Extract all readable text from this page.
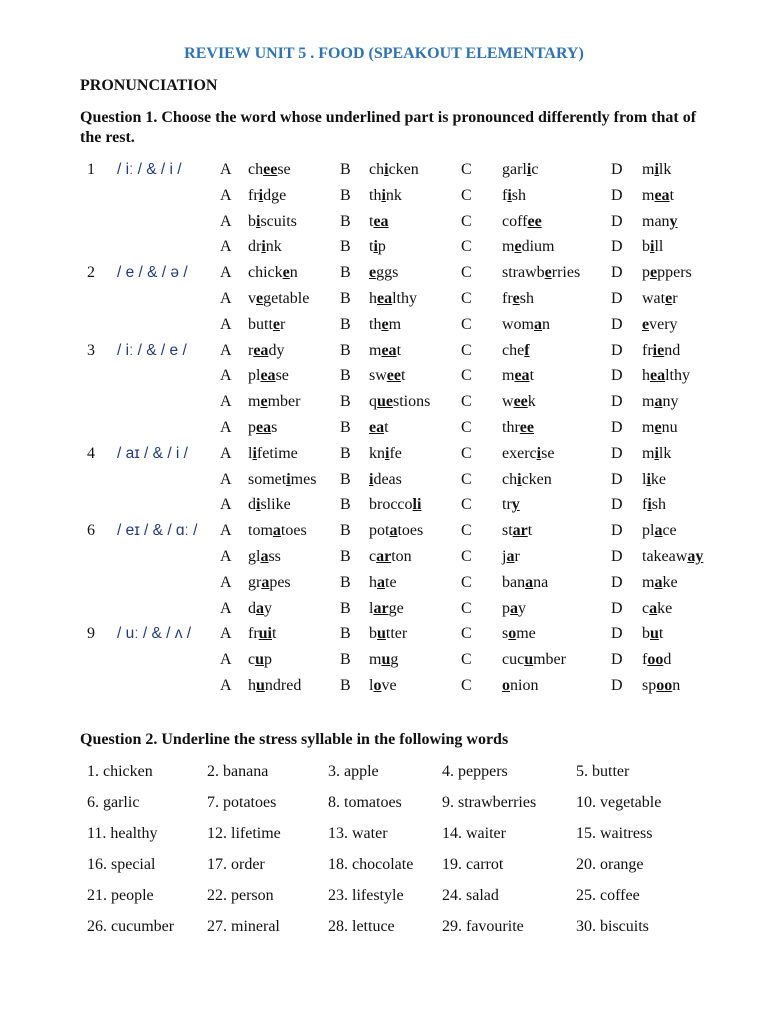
REVIEW UNIT 5 . FOOD (SPEAKOUT ELEMENTARY)
PRONUNCIATION
Question 1. Choose the word whose underlined part is pronounced differently from that of the rest.
1 / iː / & / i / A cheese	B chicken	C garlic	D milk
A fridge	B think	C fish	D meat
A biscuits	B tea	C coffee	D many
A drink	B tip	C medium	D bill
2 / e / & / ə / A chicken	B eggs	C strawberries D peppers
A vegetable B healthy	C fresh	D water
A butter	B them	C woman	D every
3 / iː / & / e / A ready	B meat	C chef	D friend
A please	B sweet	C meat	D healthy
A member B questions C week	D many
A peas	B eat	C three	D menu
4 / aɪ / & / i / A lifetime	B knife	C exercise	D milk
A sometimes B ideas	C chicken	D like
A dislike	B broccoli C try	D fish
6 / eɪ / & / ɑː / A tomatoes B potatoes C start	D place
A glass	B carton	C jar	D takeaway
A grapes	B hate	C banana	D make
A day	B large	C pay	D cake
9 / uː / & / ʌ / A fruit	B butter	C some	D but
A cup	B mug	C cucumber	D food
A hundred B love	C onion	D spoon
Question 2. Underline the stress syllable in the following words
1. chicken	2. banana	3. apple	4. peppers	5. butter
6. garlic	7. potatoes	8. tomatoes	9. strawberries 10. vegetable
11. healthy	12. lifetime	13. water	14. waiter	15. waitress
16. special	17. order	18. chocolate 19. carrot	20. orange
21. people	22. person	23. lifestyle 24. salad	25. coffee
26. cucumber 27. mineral	28. lettuce	29. favourite	30. biscuits
